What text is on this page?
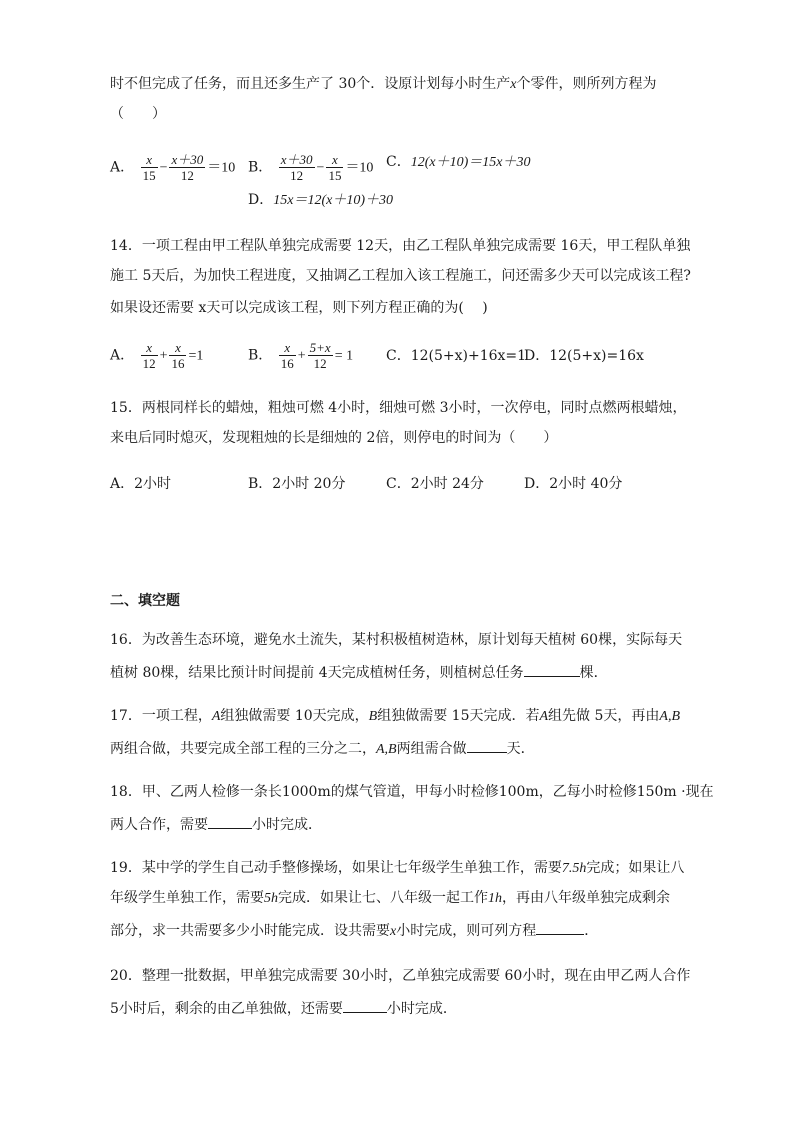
时不但完成了任务，而且还多生产了 30个．设原计划每小时生产x个零件，则所列方程为
（　　）
A． $\frac{x}{15} - \frac{x+30}{12} =10$ B． $\frac{x+30}{12} - \frac{x}{15} =10$ C．12(x＋10)＝15x＋30
D．15x＝12(x＋10)＋30
14．一项工程由甲工程队单独完成需要 12天，由乙工程队单独完成需要 16天，甲工程队单独
施工 5天后，为加快工程进度，又抽调乙工程加入该工程施工，问还需多少天可以完成该工程?
如果设还需要 x天可以完成该工程，则下列方程正确的为(　 )
A． $\frac{x}{12} + \frac{x}{16} =1$	B． $\frac{x}{16} + \frac{5+x}{12} = 1$ C．12(5+x)+16x=1
D．12(5+x)=16x
15．两根同样长的蜡烛，粗烛可燃 4小时，细烛可燃 3小时，一次停电，同时点燃两根蜡烛，
来电后同时熄灭，发现粗烛的长是细烛的 2倍，则停电的时间为（　　）
A．2小时	B．2小时 20分	C．2小时 24分	D．2小时 40分
二、填空题
16．为改善生态环境，避免水土流失，某村积极植树造林，原计划每天植树 60棵，实际每天
植树 80棵，结果比预计时间提前 4天完成植树任务，则植树总任务	棵．
17．一项工程，A组独做需要 10天完成，B组独做需要 15天完成．若A组先做 5天，再由A,B
两组合做，共要完成全部工程的三分之二，A,B两组需合做	天．
18．甲、乙两人检修一条长1000m的煤气管道，甲每小时检修100m，乙每小时检修150m ·现在
两人合作，需要	小时完成．
19．某中学的学生自己动手整修操场，如果让七年级学生单独工作，需要7.5h完成；如果让八
年级学生单独工作，需要5h完成．如果让七、八年级一起工作1h，再由八年级单独完成剩余
部分，求一共需要多少小时能完成．设共需要x小时完成，则可列方程	．
20．整理一批数据，甲单独完成需要 30小时，乙单独完成需要 60小时，现在由甲乙两人合作
5小时后，剩余的由乙单独做，还需要	小时完成．
